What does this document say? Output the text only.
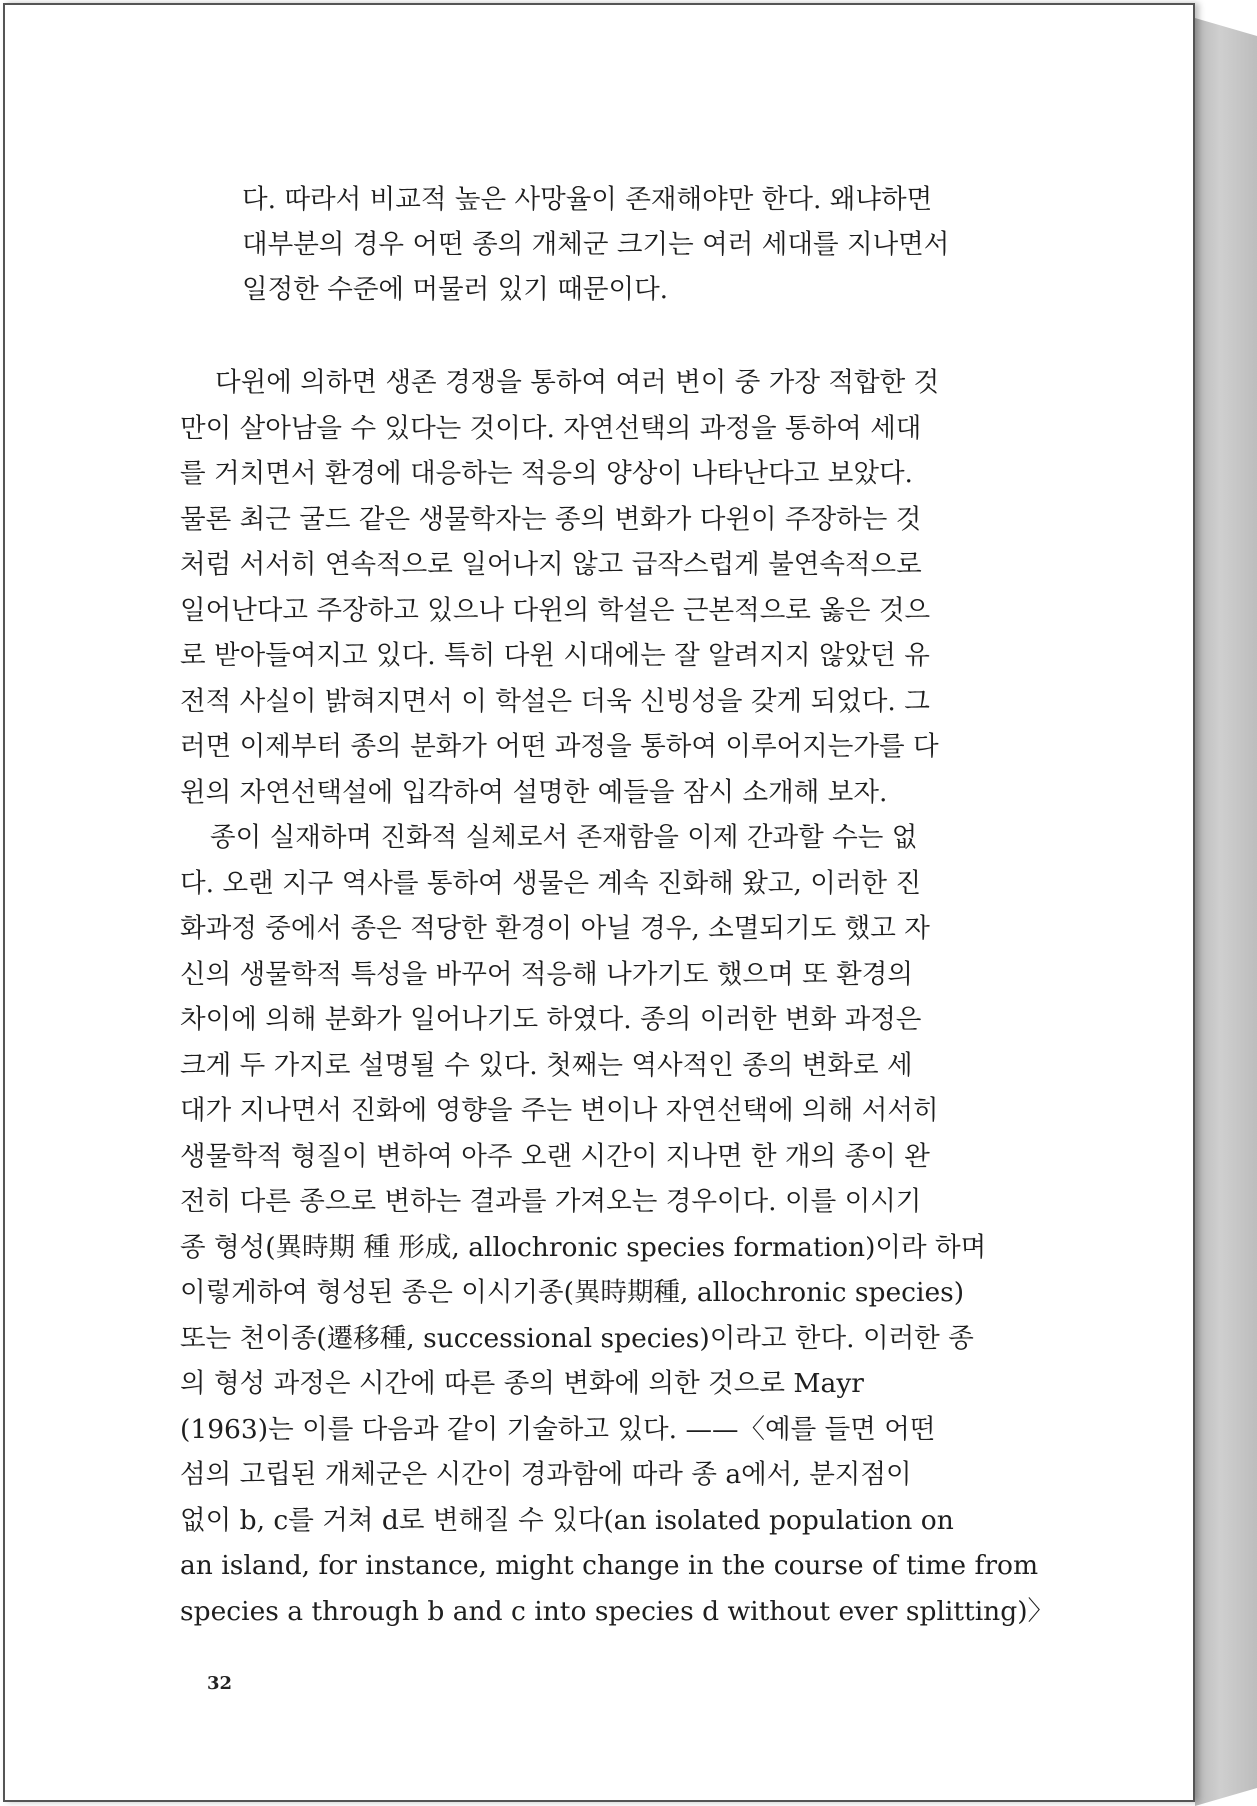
다. 따라서 비교적 높은 사망율이 존재해야만 한다. 왜냐하면
대부분의 경우 어떤 종의 개체군 크기는 여러 세대를 지나면서
일정한 수준에 머물러 있기 때문이다.
다윈에 의하면 생존 경쟁을 통하여 여러 변이 중 가장 적합한 것
만이 살아남을 수 있다는 것이다. 자연선택의 과정을 통하여 세대
를 거치면서 환경에 대응하는 적응의 양상이 나타난다고 보았다.
물론 최근 굴드 같은 생물학자는 종의 변화가 다윈이 주장하는 것
처럼 서서히 연속적으로 일어나지 않고 급작스럽게 불연속적으로
일어난다고 주장하고 있으나 다윈의 학설은 근본적으로 옳은 것으
로 받아들여지고 있다. 특히 다윈 시대에는 잘 알려지지 않았던 유
전적 사실이 밝혀지면서 이 학설은 더욱 신빙성을 갖게 되었다. 그
러면 이제부터 종의 분화가 어떤 과정을 통하여 이루어지는가를 다
윈의 자연선택설에 입각하여 설명한 예들을 잠시 소개해 보자.
종이 실재하며 진화적 실체로서 존재함을 이제 간과할 수는 없
다. 오랜 지구 역사를 통하여 생물은 계속 진화해 왔고, 이러한 진
화과정 중에서 종은 적당한 환경이 아닐 경우, 소멸되기도 했고 자
신의 생물학적 특성을 바꾸어 적응해 나가기도 했으며 또 환경의
차이에 의해 분화가 일어나기도 하였다. 종의 이러한 변화 과정은
크게 두 가지로 설명될 수 있다. 첫째는 역사적인 종의 변화로 세
대가 지나면서 진화에 영향을 주는 변이나 자연선택에 의해 서서히
생물학적 형질이 변하여 아주 오랜 시간이 지나면 한 개의 종이 완
전히 다른 종으로 변하는 결과를 가져오는 경우이다. 이를 이시기
종 형성(異時期 種 形成, allochronic species formation)이라 하며
이렇게하여 형성된 종은 이시기종(異時期種, allochronic species)
또는 천이종(遷移種, successional species)이라고 한다. 이러한 종
의 형성 과정은 시간에 따른 종의 변화에 의한 것으로 Mayr
(1963)는 이를 다음과 같이 기술하고 있다. ——〈예를 들면 어떤
섬의 고립된 개체군은 시간이 경과함에 따라 종 a에서, 분지점이
없이 b, c를 거쳐 d로 변해질 수 있다(an isolated population on
an island, for instance, might change in the course of time from
species a through b and c into species d without ever splitting)〉
32
